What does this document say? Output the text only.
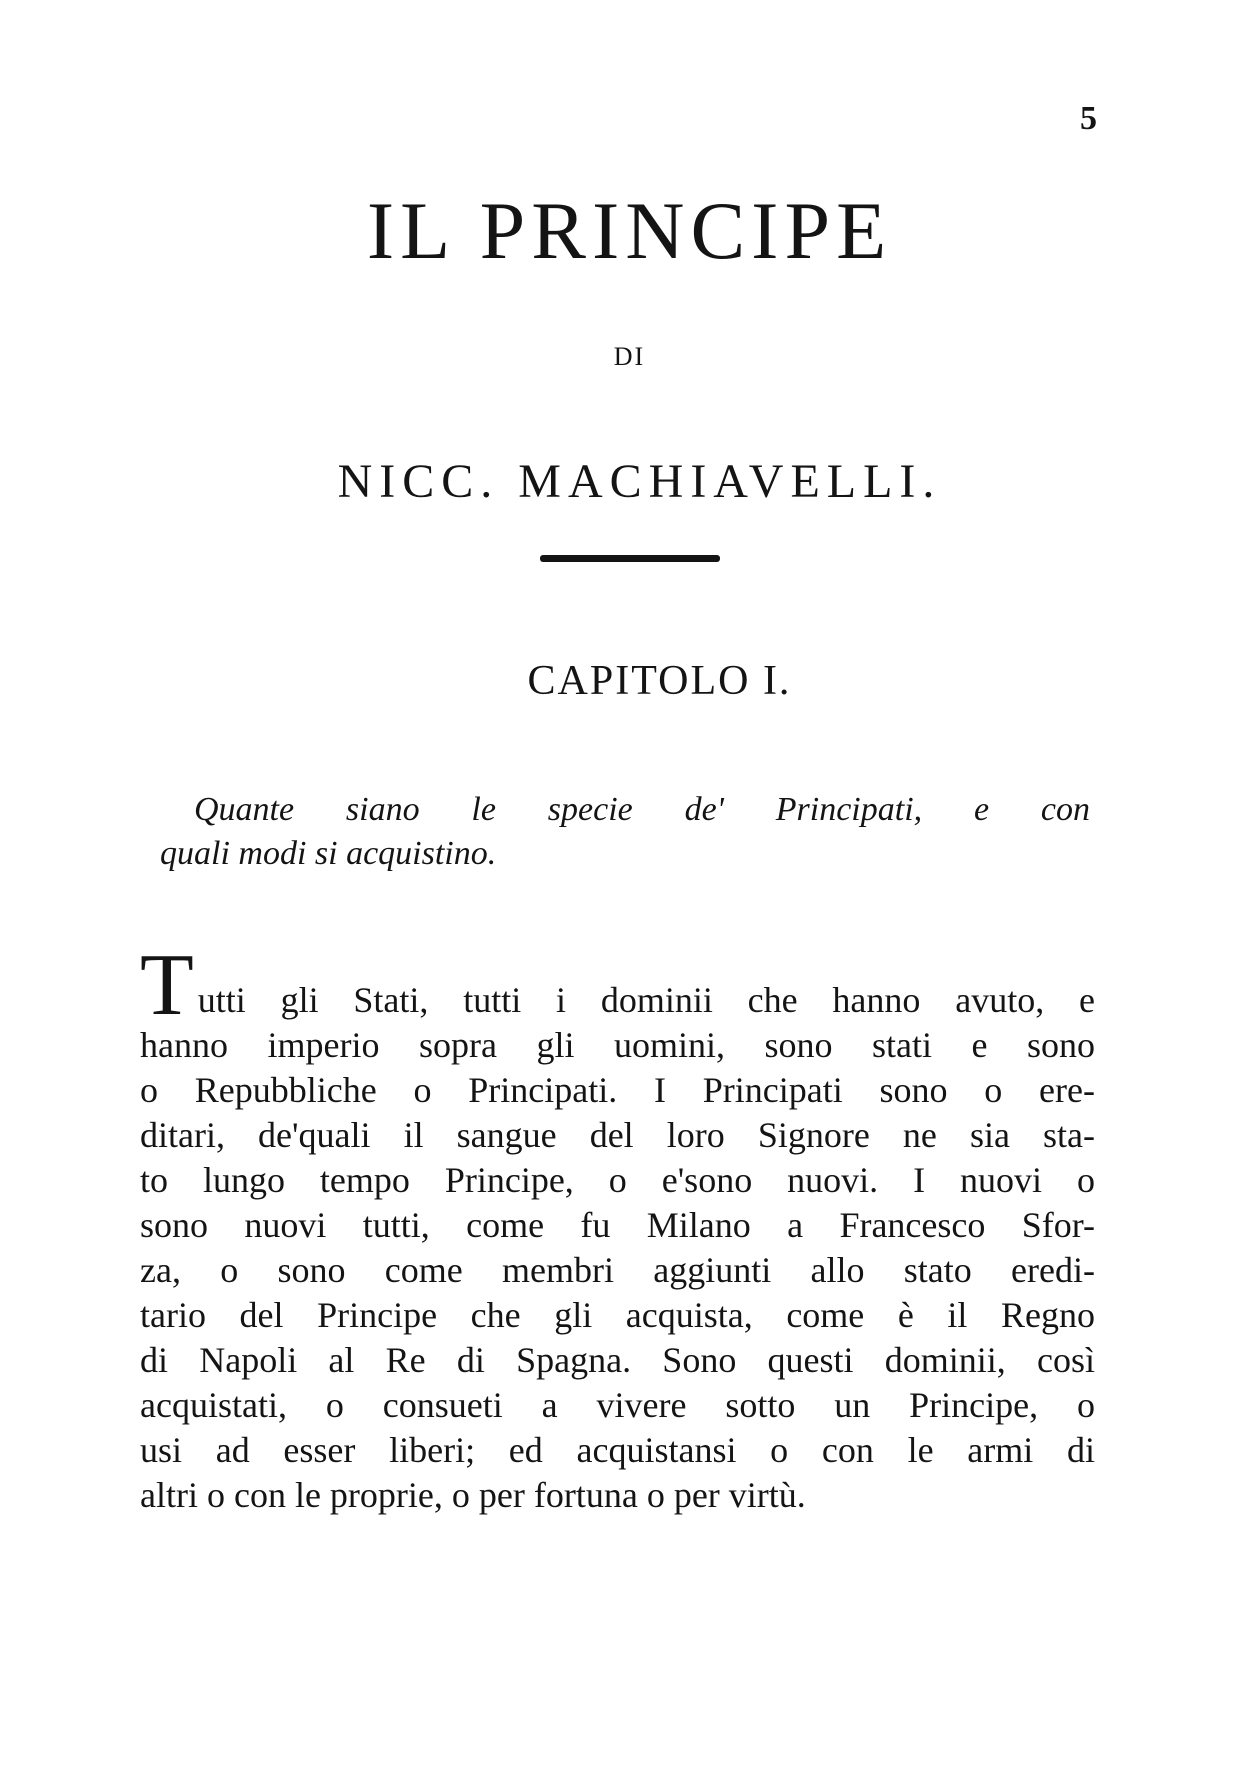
5
IL PRINCIPE
DI
NICC. MACHIAVELLI.
CAPITOLO I.

Quante siano le specie de' Principati, e con
quali modi si acquistino.

T utti gli Stati, tutti i dominii che hanno avuto, e
hanno imperio sopra gli uomini, sono stati e sono
o Repubbliche o Principati. I Principati sono o ere-
ditari, de'quali il sangue del loro Signore ne sia sta-
to lungo tempo Principe, o e'sono nuovi. I nuovi o
sono nuovi tutti, come fu Milano a Francesco Sfor-
za, o sono come membri aggiunti allo stato eredi-
tario del Principe che gli acquista, come è il Regno
di Napoli al Re di Spagna. Sono questi dominii, così
acquistati, o consueti a vivere sotto un Principe, o
usi ad esser liberi; ed acquistansi o con le armi di
altri o con le proprie, o per fortuna o per virtù.
